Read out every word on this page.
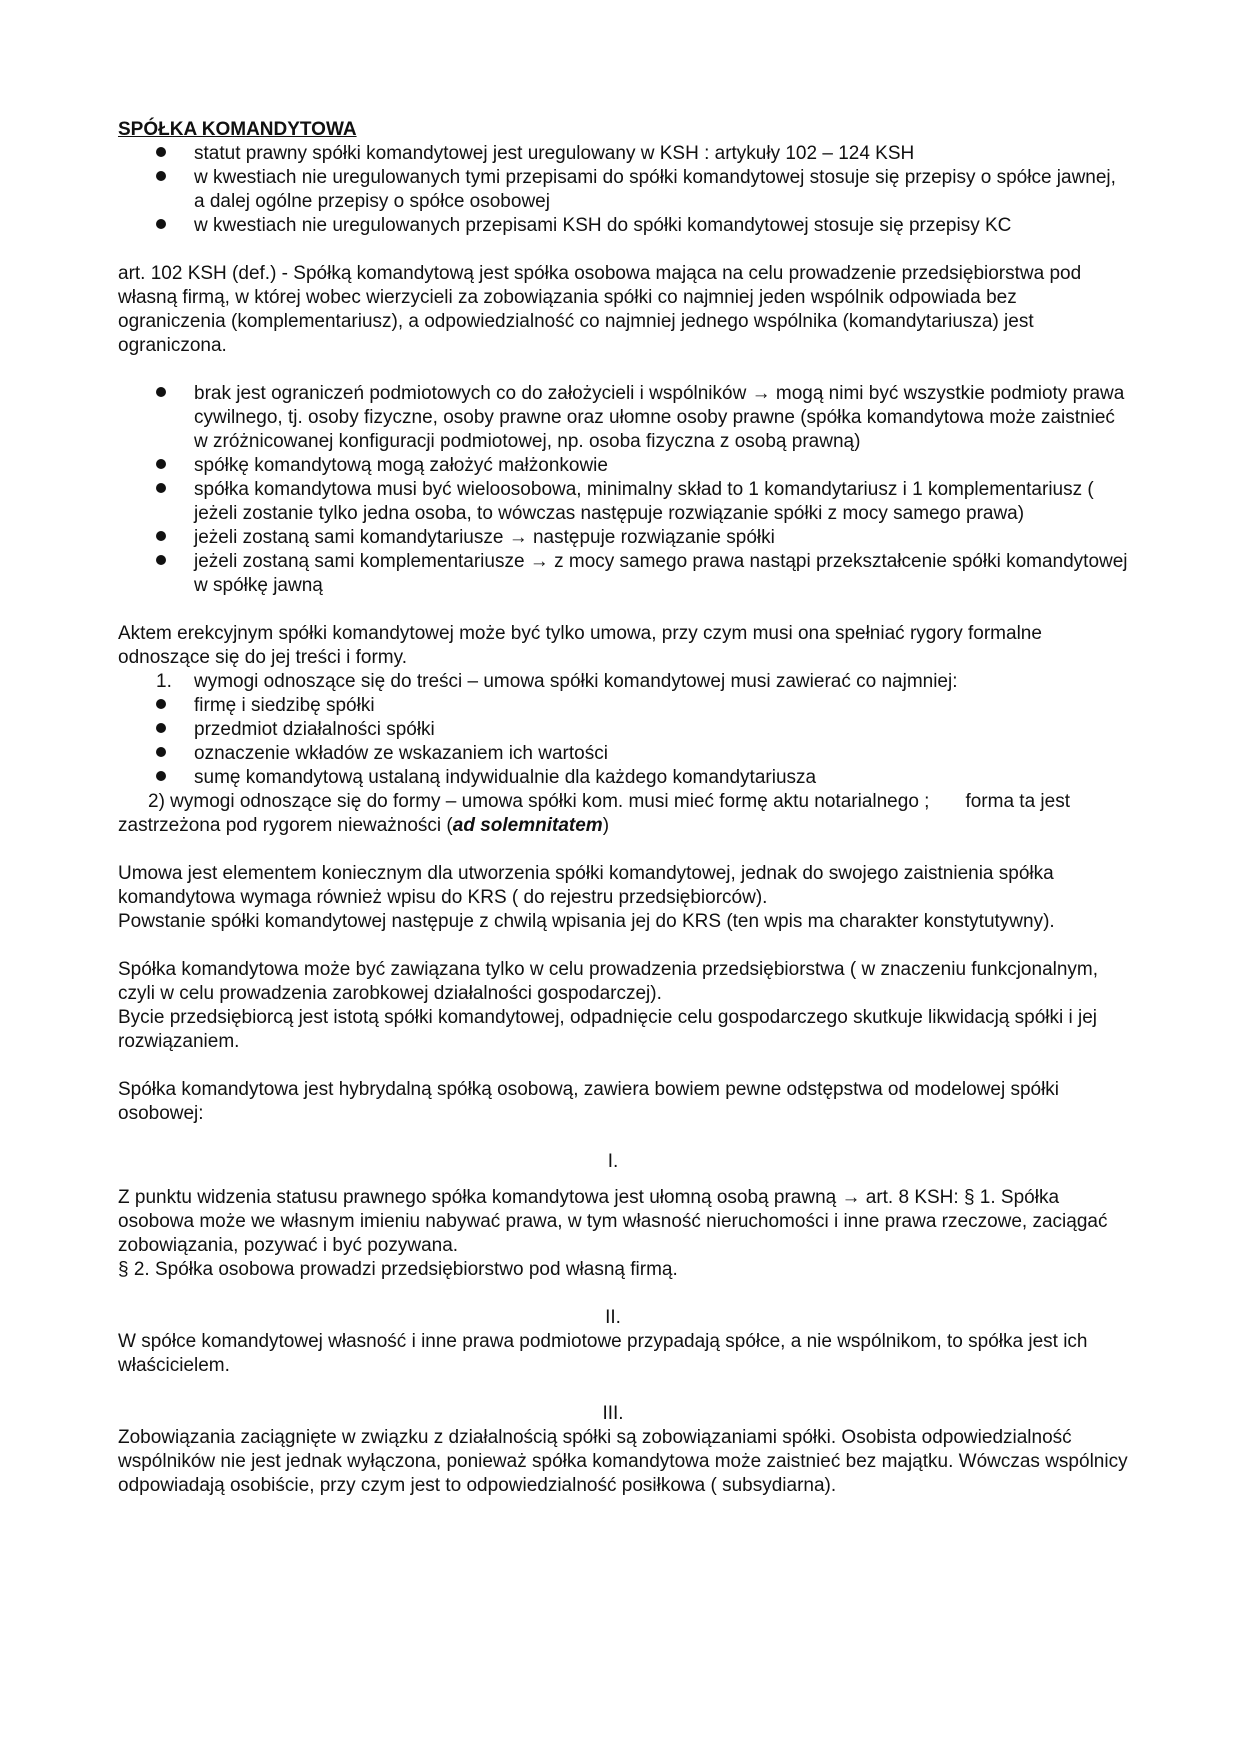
SPÓŁKA KOMANDYTOWA

statut prawny spółki komandytowej jest uregulowany w KSH : artykuły 102 – 124 KSH
w kwestiach nie uregulowanych tymi przepisami do spółki komandytowej stosuje się przepisy o spółce jawnej, a dalej ogólne przepisy o spółce osobowej
w kwestiach nie uregulowanych przepisami KSH do spółki komandytowej stosuje się przepisy KC

art. 102 KSH (def.) - Spółką komandytową jest spółka osobowa mająca na celu prowadzenie przedsiębiorstwa pod własną firmą, w której wobec wierzycieli za zobowiązania spółki co najmniej jeden wspólnik odpowiada bez ograniczenia (komplementariusz), a odpowiedzialność co najmniej jednego wspólnika (komandytariusza) jest ograniczona.

brak jest ograniczeń podmiotowych co do założycieli i wspólników → mogą nimi być wszystkie podmioty prawa cywilnego, tj. osoby fizyczne, osoby prawne oraz ułomne osoby prawne (spółka komandytowa może zaistnieć w zróżnicowanej konfiguracji podmiotowej, np. osoba fizyczna z osobą prawną)
spółkę komandytową mogą założyć małżonkowie
spółka komandytowa musi być wieloosobowa, minimalny skład to 1 komandytariusz i 1 komplementariusz ( jeżeli zostanie tylko jedna osoba, to wówczas następuje rozwiązanie spółki z mocy samego prawa)
jeżeli zostaną sami komandytariusze → następuje rozwiązanie spółki
jeżeli zostaną sami komplementariusze → z mocy samego prawa nastąpi przekształcenie spółki komandytowej w spółkę jawną

Aktem erekcyjnym spółki komandytowej może być tylko umowa, przy czym musi ona spełniać rygory formalne odnoszące się do jej treści i formy.

1. wymogi odnoszące się do treści – umowa spółki komandytowej musi zawierać co najmniej:

firmę i siedzibę spółki
przedmiot działalności spółki
oznaczenie wkładów ze wskazaniem ich wartości
sumę komandytową ustalaną indywidualnie dla każdego komandytariusza

2) wymogi odnoszące się do formy – umowa spółki kom. musi mieć formę aktu notarialnego ; forma ta jest zastrzeżona pod rygorem nieważności (ad solemnitatem)

Umowa jest elementem koniecznym dla utworzenia spółki komandytowej, jednak do swojego zaistnienia spółka komandytowa wymaga również wpisu do KRS ( do rejestru przedsiębiorców).

Powstanie spółki komandytowej następuje z chwilą wpisania jej do KRS (ten wpis ma charakter konstytutywny).

Spółka komandytowa może być zawiązana tylko w celu prowadzenia przedsiębiorstwa ( w znaczeniu funkcjonalnym, czyli w celu prowadzenia zarobkowej działalności gospodarczej).

Bycie przedsiębiorcą jest istotą spółki komandytowej, odpadnięcie celu gospodarczego skutkuje likwidacją spółki i jej rozwiązaniem.

Spółka komandytowa jest hybrydalną spółką osobową, zawiera bowiem pewne odstępstwa od modelowej spółki osobowej:

I.

Z punktu widzenia statusu prawnego spółka komandytowa jest ułomną osobą prawną → art. 8 KSH: § 1. Spółka osobowa może we własnym imieniu nabywać prawa, w tym własność nieruchomości i inne prawa rzeczowe, zaciągać zobowiązania, pozywać i być pozywana.

§ 2. Spółka osobowa prowadzi przedsiębiorstwo pod własną firmą.

II.

W spółce komandytowej własność i inne prawa podmiotowe przypadają spółce, a nie wspólnikom, to spółka jest ich właścicielem.

III.

Zobowiązania zaciągnięte w związku z działalnością spółki są zobowiązaniami spółki. Osobista odpowiedzialność wspólników nie jest jednak wyłączona, ponieważ spółka komandytowa może zaistnieć bez majątku. Wówczas wspólnicy odpowiadają osobiście, przy czym jest to odpowiedzialność posiłkowa ( subsydiarna).
